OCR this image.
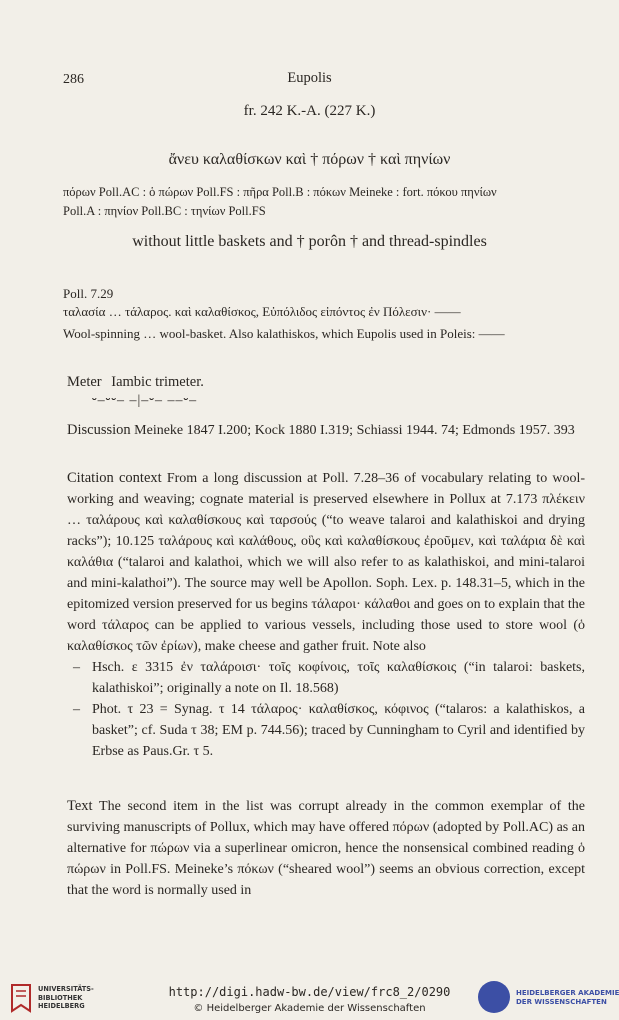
286	Eupolis
fr. 242 K.-A. (227 K.)
ἄνευ καλαθίσκων καὶ † πόρων † καὶ πηνίων
πόρων Poll.AC : ὁ πώρων Poll.FS : πῆρα Poll.B : πόκων Meineke : fort. πόκου πηνίων
Poll.A : πηνίον Poll.BC : τηνίων Poll.FS
without little baskets and † porôn † and thread-spindles
Poll. 7.29
ταλασία … τάλαρος. καὶ καλαθίσκος, Εὐπόλιδος εἰπόντος ἐν Πόλεσιν· ——
Wool-spinning … wool-basket. Also kalathiskos, which Eupolis used in Poleis: ——
Meter Iambic trimeter.
⏑–⏑⏑– –|–⏑– ––⏑–
Discussion Meineke 1847 I.200; Kock 1880 I.319; Schiassi 1944. 74; Edmonds 1957. 393
Citation context From a long discussion at Poll. 7.28–36 of vocabulary relating to wool-working and weaving; cognate material is preserved elsewhere in Pollux at 7.173 πλέκειν … ταλάρους καὶ καλαθίσκους καὶ ταρσούς (“to weave talaroi and kalathiskoi and drying racks”); 10.125 ταλάρους καὶ καλάθους, οὓς καὶ καλαθίσκους ἐροῦμεν, καὶ ταλάρια δὲ καὶ καλάθια (“talaroi and kalathoi, which we will also refer to as kalathiskoi, and mini-talaroi and mini-kalathoi”). The source may well be Apollon. Soph. Lex. p. 148.31–5, which in the epitomized version preserved for us begins τάλαροι· κάλαθοι and goes on to explain that the word τάλαρος can be applied to various vessels, including those used to store wool (ὁ καλαθίσκος τῶν ἐρίων), make cheese and gather fruit. Note also
– Hsch. ε 3315 ἐν ταλάροισι· τοῖς κοφίνοις, τοῖς καλαθίσκοις (“in talaroi: baskets, kalathiskoi”; originally a note on Il. 18.568)
– Phot. τ 23 = Synag. τ 14 τάλαρος· καλαθίσκος, κόφινος (“talaros: a kalathiskos, a basket”; cf. Suda τ 38; EM p. 744.56); traced by Cunningham to Cyril and identified by Erbse as Paus.Gr. τ 5.
Text The second item in the list was corrupt already in the common exemplar of the surviving manuscripts of Pollux, which may have offered πόρων (adopted by Poll.AC) as an alternative for πώρων via a superlinear omicron, hence the nonsensical combined reading ὁ πώρων in Poll.FS. Meineke’s πόκων (“sheared wool”) seems an obvious correction, except that the word is normally used in
UNIVERSITÄTS-
BIBLIOTHEK
HEIDELBERG
http://digi.hadw-bw.de/view/frc8_2/0290
© Heidelberger Akademie der Wissenschaften
HEIDELBERGER AKADEMIE
DER WISSENSCHAFTEN
